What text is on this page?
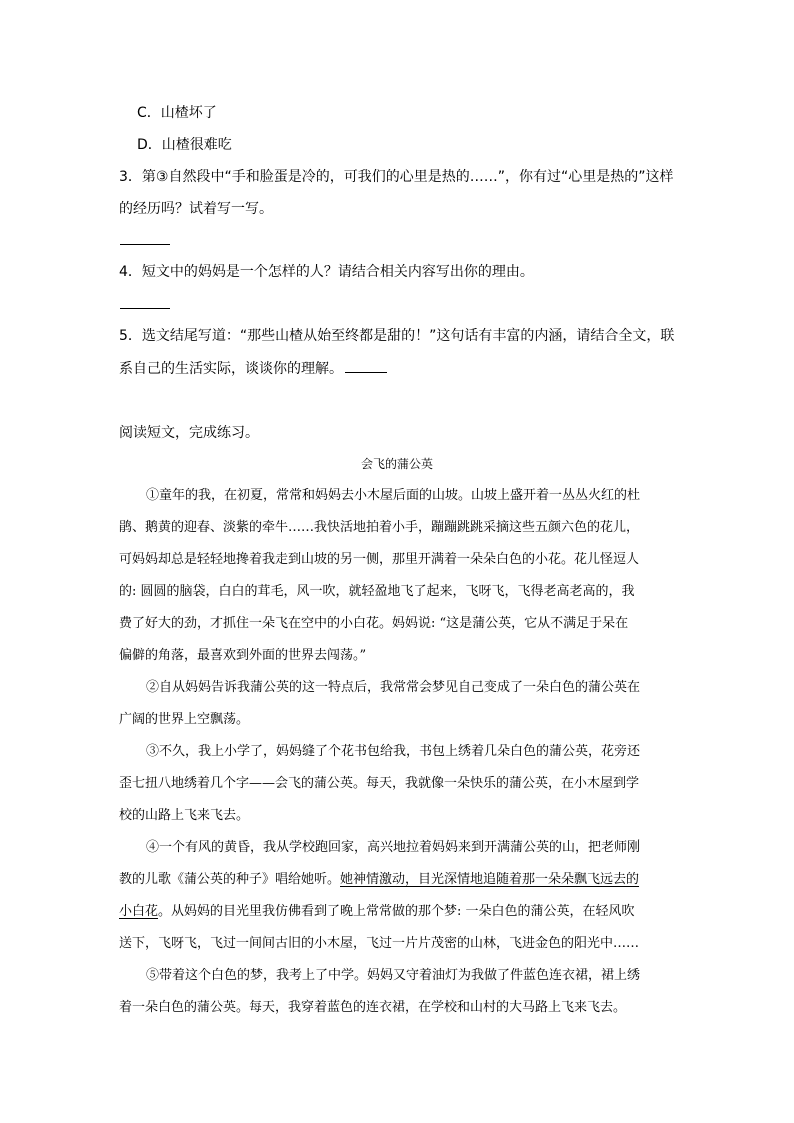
C．山楂坏了
D．山楂很难吃
3．第③自然段中“手和脸蛋是冷的，可我们的心里是热的……”，你有过“心里是热的”这样
的经历吗？试着写一写。
4．短文中的妈妈是一个怎样的人？请结合相关内容写出你的理由。
5．选文结尾写道：“那些山楂从始至终都是甜的！”这句话有丰富的内涵，请结合全文，联
系自己的生活实际，谈谈你的理解。
阅读短文，完成练习。
会飞的蒲公英
①童年的我，在初夏，常常和妈妈去小木屋后面的山坡。山坡上盛开着一丛丛火红的杜
鹃、鹅黄的迎春、淡紫的牵牛……我快活地拍着小手，蹦蹦跳跳采摘这些五颜六色的花儿，
可妈妈却总是轻轻地搀着我走到山坡的另一侧，那里开满着一朵朵白色的小花。花儿怪逗人
的: 圆圆的脑袋，白白的茸毛，风一吹，就轻盈地飞了起来，飞呀飞，飞得老高老高的，我
费了好大的劲，才抓住一朵飞在空中的小白花。妈妈说: “这是蒲公英，它从不满足于呆在
偏僻的角落，最喜欢到外面的世界去闯荡。”
②自从妈妈告诉我蒲公英的这一特点后，我常常会梦见自己变成了一朵白色的蒲公英在
广阔的世界上空飘荡。
③不久，我上小学了，妈妈缝了个花书包给我，书包上绣着几朵白色的蒲公英，花旁还
歪七扭八地绣着几个字——会飞的蒲公英。每天，我就像一朵快乐的蒲公英，在小木屋到学
校的山路上飞来飞去。
④一个有风的黄昏，我从学校跑回家，高兴地拉着妈妈来到开满蒲公英的山，把老师刚
教的儿歌《蒲公英的种子》唱给她听。她神情激动，目光深情地追随着那一朵朵飘飞远去的
小白花。从妈妈的目光里我仿佛看到了晚上常常做的那个梦: 一朵白色的蒲公英，在轻风吹
送下，飞呀飞，飞过一间间古旧的小木屋，飞过一片片茂密的山林，飞进金色的阳光中……
⑤带着这个白色的梦，我考上了中学。妈妈又守着油灯为我做了件蓝色连衣裙，裙上绣
着一朵白色的蒲公英。每天，我穿着蓝色的连衣裙，在学校和山村的大马路上飞来飞去。
